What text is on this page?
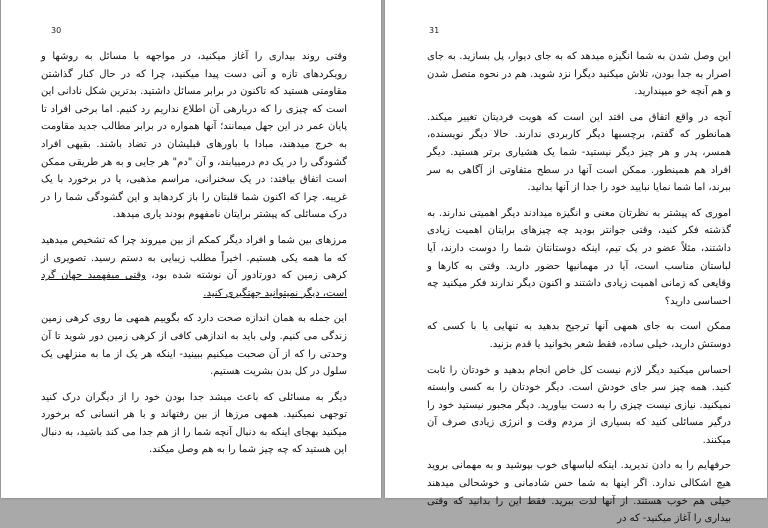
30

وقتی روند بیداری را آغاز میکنید، در مواجهه با مسائل به روشها و رویکردهای تازه و آنی دست پیدا میکنید، چرا که در حال کنار گذاشتن مقاومتی هستید که تاکنون در برابر مسائل داشتید. بدترین شکل نادانی این است که چیزی را که دربارهی آن اطلاع نداریم رد کنیم. اما برخی افراد تا پایان عمر در این جهل میمانند؛ آنها همواره در برابر مطالب جدید مقاومت به خرج میدهند، مبادا با باورهای قبلیشان در تضاد باشند. بقیهی افراد گشودگی را در یک دم درمییابند، و آن "دم" هر جایی و به هر طریقی ممکن است اتفاق بیافتد: در یک سخنرانی، مراسم مذهبی، یا در برخورد با یک غریبه. چرا که اکنون شما قلبتان را باز کردهاید و این گشودگی شما را در درک مسائلی که پیشتر برایتان نامفهوم بودند یاری میدهد.

مرزهای بین شما و افراد دیگر کمکم از بین میروند چرا که تشخیص میدهید که ما همه یکی هستیم. اخیراً مطلب زیبایی به دستم رسید. تصویری از کرهی زمین که دورتادور آن نوشته شده بود، وقتی میفهمید جهان گرد است، دیگر نمیتوانید جهتگیری کنید.

این جمله به همان اندازه صحت دارد که بگوییم همهی ما روی کرهی زمین زندگی می کنیم. ولی باید به اندازهی کافی از کرهی زمین دور شوید تا آن وحدتی را که از آن صحبت میکنیم ببینید- اینکه هر یک از ما به منزلهی یک سلول در کل بدن بشریت هستیم.

دیگر به مسائلی که باعث میشد جدا بودن خود را از دیگران درک کنید توجهی نمیکنید. همهی مرزها از بین رفتهاند و با هر انسانی که برخورد میکنید بهجای اینکه به دنبال آنچه شما را از هم جدا می کند باشید، به دنبال این هستید که چه چیز شما را به هم وصل میکند.

31

این وصل شدن به شما انگیزه میدهد که به جای دیوار، پل بسازید. به جای اصرار به جدا بودن، تلاش میکنید دیگرا نزد شوید. هم در نحوه متصل شدن و هم آنچه خو میپندارید.

آنچه در واقع اتفاق می افتد این است که هویت فردیتان تغییر میکند. همانطور که گفتم، برچسبها دیگر کاربردی ندارند. حالا دیگر نویسنده، همسر، پدر و هر چیز دیگر نیستید- شما یک هشیاری برتر هستید. دیگر افراد هم همینطور. ممکن است آنها در سطح متفاوتی از آگاهی به سر ببرند، اما شما نمایا نبایید خود را جدا از آنها بدانید.

اموری که پیشتر به نظرتان معنی و انگیزه میدادند دیگر اهمیتی ندارند. به گذشته فکر کنید، وقتی جوانتر بودید چه چیزهای برایتان اهمیت زیادی داشتند، مثلاً عضو در یک تیم، اینکه دوستانتان شما را دوست دارند، آیا لباستان مناسب است، آیا در مهمانیها حضور دارید. وقتی به کارها و وقایعی که زمانی اهمیت زیادی داشتند و اکنون دیگر ندارند فکر میکنید چه احساسی دارید؟

ممکن است به جای همهی آنها ترجیح بدهید به تنهایی یا با کسی که دوستش دارید، خیلی ساده، فقط شعر بخوانید یا قدم بزنید.

احساس میکنید دیگر لازم نیست کل خاص انجام بدهید و خودتان را ثابت کنید. همه چیز سر جای خودش است. دیگر خودتان را به کسی وابسته نمیکنید. نیازی نیست چیزی را به دست بیاورید. دیگر مجبور نیستید خود را درگیر مسائلی کنید که بسیاری از مردم وقت و انرژی زیادی صرف آن میکنند.

حرفهایم را به دادن ندیرید. اینکه لباسهای خوب بپوشید و به مهمانی بروید هیچ اشکالی ندارد. اگر اینها به شما حس شادمانی و خوشحالی میدهند خیلی هم خوب هستند. از آنها لذت ببرید. فقط این را بدانید که وقتی بیداری را آغاز میکنید- که در
